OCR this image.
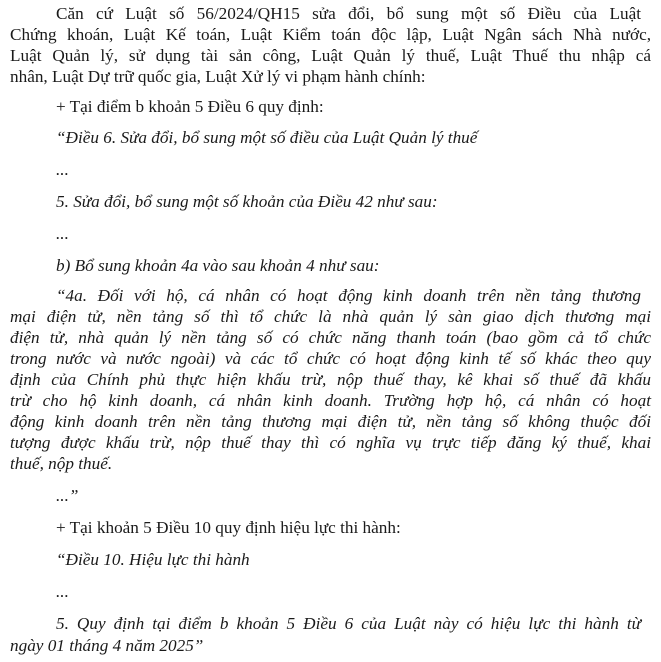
Căn cứ Luật số 56/2024/QH15 sửa đổi, bổ sung một số Điều của Luật
Chứng khoán, Luật Kế toán, Luật Kiểm toán độc lập, Luật Ngân sách Nhà nước,
Luật Quản lý, sử dụng tài sản công, Luật Quản lý thuế, Luật Thuế thu nhập cá
nhân, Luật Dự trữ quốc gia, Luật Xử lý vi phạm hành chính:
+ Tại điểm b khoản 5 Điều 6 quy định:
“Điều 6. Sửa đổi, bổ sung một số điều của Luật Quản lý thuế
...
5. Sửa đổi, bổ sung một số khoản của Điều 42 như sau:
...
b) Bổ sung khoản 4a vào sau khoản 4 như sau:
“4a. Đối với hộ, cá nhân có hoạt động kinh doanh trên nền tảng thương
mại điện tử, nền tảng số thì tổ chức là nhà quản lý sàn giao dịch thương mại
điện tử, nhà quản lý nền tảng số có chức năng thanh toán (bao gồm cả tổ chức
trong nước và nước ngoài) và các tổ chức có hoạt động kinh tế số khác theo quy
định của Chính phủ thực hiện khấu trừ, nộp thuế thay, kê khai số thuế đã khấu
trừ cho hộ kinh doanh, cá nhân kinh doanh. Trường hợp hộ, cá nhân có hoạt
động kinh doanh trên nền tảng thương mại điện tử, nền tảng số không thuộc đối
tượng được khấu trừ, nộp thuế thay thì có nghĩa vụ trực tiếp đăng ký thuế, khai
thuế, nộp thuế.
...”
+ Tại khoản 5 Điều 10 quy định hiệu lực thi hành:
“Điều 10. Hiệu lực thi hành
...
5. Quy định tại điểm b khoản 5 Điều 6 của Luật này có hiệu lực thi hành từ
ngày 01 tháng 4 năm 2025”
